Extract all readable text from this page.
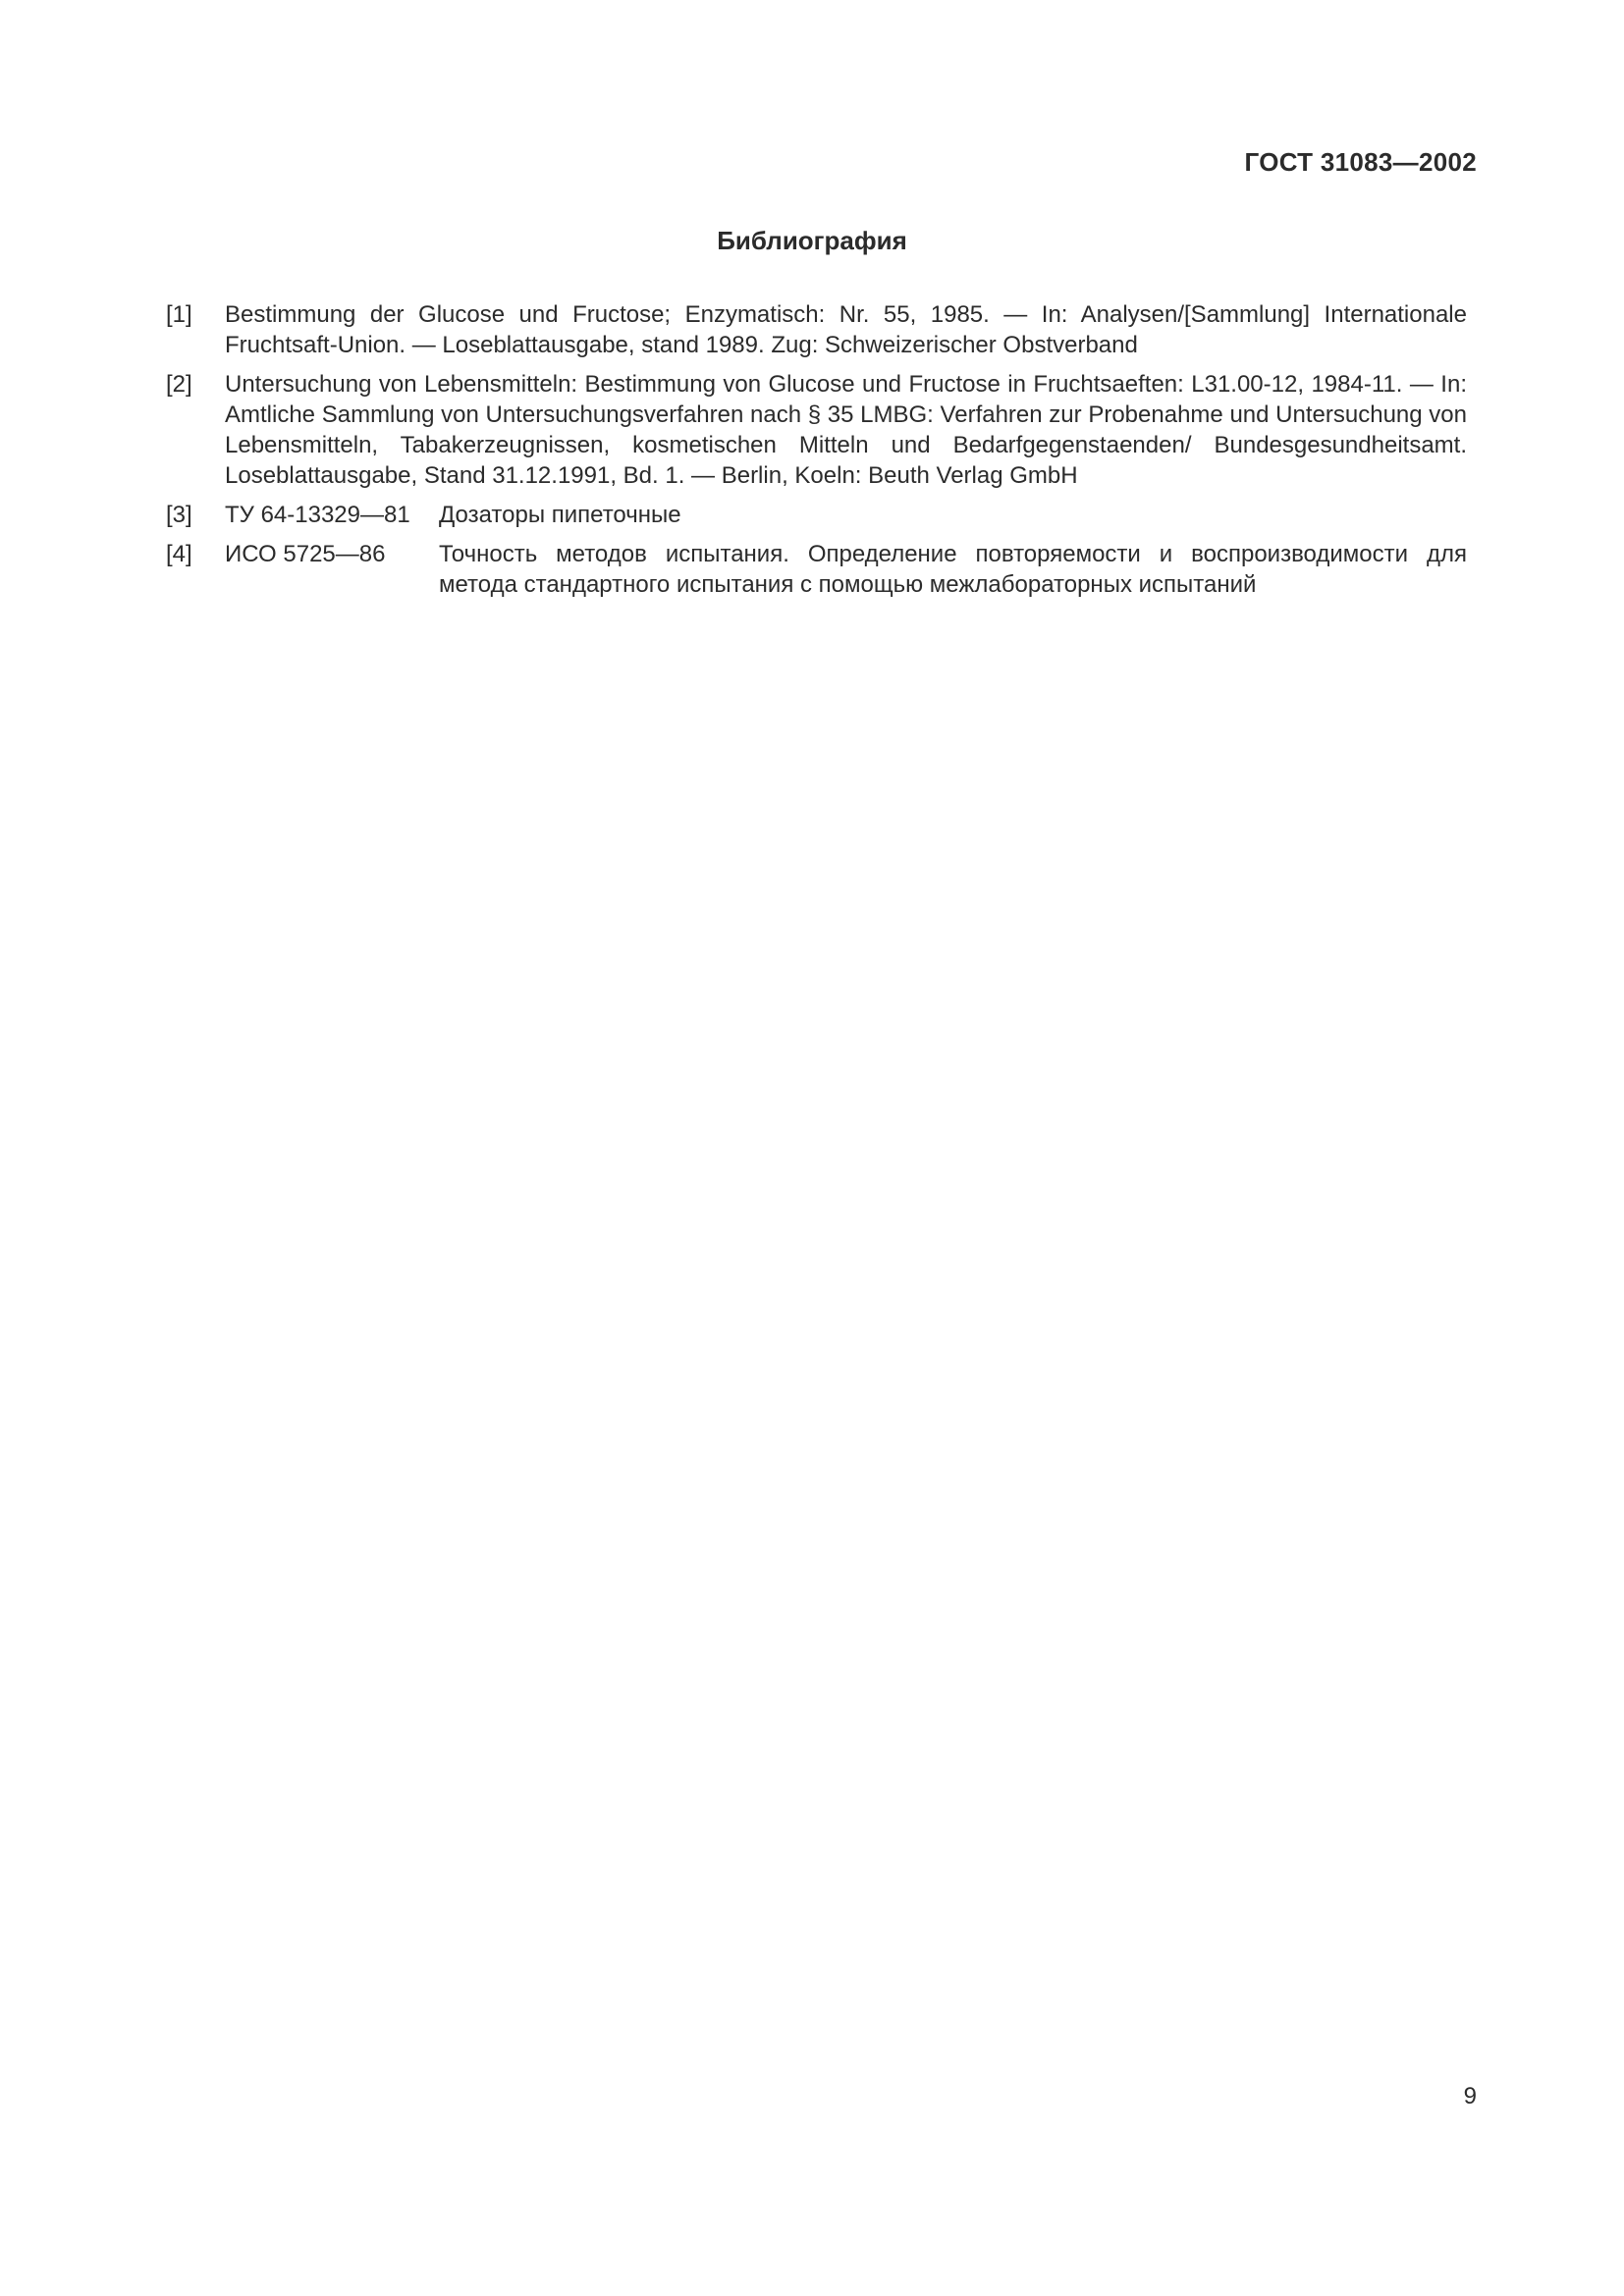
ГОСТ 31083—2002
Библиография
[1]	Bestimmung der Glucose und Fructose; Enzymatisch: Nr. 55, 1985. — In: Analysen/[Sammlung] Internationale Fruchtsaft-Union. — Loseblattausgabe, stand 1989. Zug: Schweizerischer Obstverband
[2]	Untersuchung von Lebensmitteln: Bestimmung von Glucose und Fructose in Fruchtsaeften: L31.00-12, 1984-11. — In: Amtliche Sammlung von Untersuchungsverfahren nach § 35 LMBG: Verfahren zur Probenahme und Untersuchung von Lebensmitteln, Tabakerzeugnissen, kosmetischen Mitteln und Bedarfgegenstaenden/ Bundesgesundheitsamt. Loseblattausgabe, Stand 31.12.1991, Bd. 1. — Berlin, Koeln: Beuth Verlag GmbH
[3]	ТУ 64-13329—81	Дозаторы пипеточные
[4]	ИСО 5725—86	Точность методов испытания. Определение повторяемости и воспроизводимости для метода стандартного испытания с помощью межлабораторных испытаний
9
